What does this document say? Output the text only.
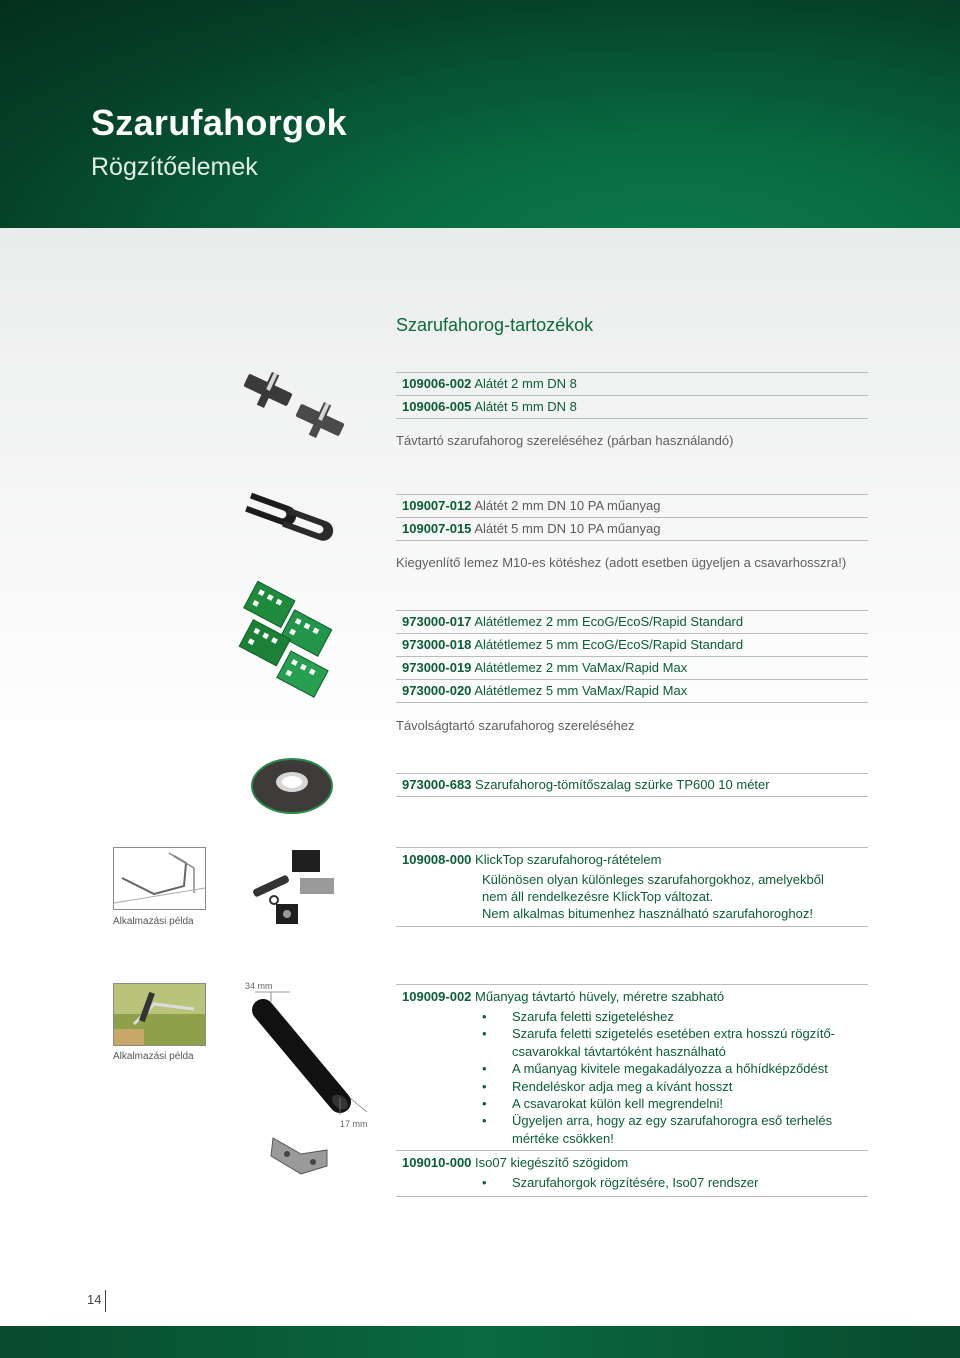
Szarufahorgok
Rögzítőelemek
Szarufahorog-tartozékok
109006-002 Alátét 2 mm DN 8
109006-005 Alátét 5 mm DN 8
Távtartó szarufahorog szereléséhez (párban használandó)
109007-012 Alátét 2 mm DN 10 PA műanyag
109007-015 Alátét 5 mm DN 10 PA műanyag
Kiegyenlítő lemez M10-es kötéshez (adott esetben ügyeljen a csavarhosszra!)
973000-017 Alátétlemez 2 mm EcoG/EcoS/Rapid Standard
973000-018 Alátétlemez 5 mm EcoG/EcoS/Rapid Standard
973000-019 Alátétlemez 2 mm VaMax/Rapid Max
973000-020 Alátétlemez 5 mm VaMax/Rapid Max
Távolságtartó szarufahorog szereléséhez
973000-683 Szarufahorog-tömítőszalag szürke TP600 10 méter
Alkalmazási példa
109008-000 KlickTop szarufahorog-rátételem
Különösen olyan különleges szarufahorgokhoz, amelyekből
nem áll rendelkezésre KlickTop változat.
Nem alkalmas bitumenhez használható szarufahoroghoz!
Alkalmazási példa
34 mm
17 mm
109009-002 Műanyag távtartó hüvely, méretre szabható
• Szarufa feletti szigeteléshez
• Szarufa feletti szigetelés esetében extra hosszú rögzítő-
csavarokkal távtartóként használható
• A műanyag kivitele megakadályozza a hőhídképződést
• Rendeléskor adja meg a kívánt hosszt
• A csavarokat külön kell megrendelni!
• Ügyeljen arra, hogy az egy szarufahorogra eső terhelés
mértéke csökken!
109010-000 Iso07 kiegészítő szögidom
• Szarufahorgok rögzítésére, Iso07 rendszer
14
